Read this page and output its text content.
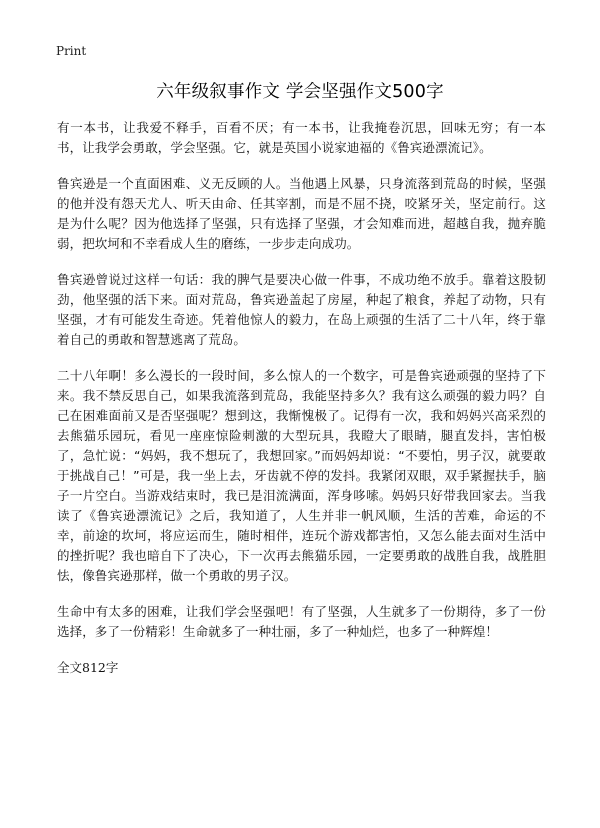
Print
六年级叙事作文 学会坚强作文500字

有一本书，让我爱不释手，百看不厌；有一本书，让我掩卷沉思，回味无穷；有一本书，让我学会勇敢，学会坚强。它，就是英国小说家迪福的《鲁宾逊漂流记》。

鲁宾逊是一个直面困难、义无反顾的人。当他遇上风暴，只身流落到荒岛的时候，坚强的他并没有怨天尤人、听天由命、任其宰割，而是不屈不挠，咬紧牙关，坚定前行。这是为什么呢？因为他选择了坚强，只有选择了坚强，才会知难而进，超越自我，抛弃脆弱，把坎坷和不幸看成人生的磨练，一步步走向成功。

鲁宾逊曾说过这样一句话：我的脾气是要决心做一件事，不成功绝不放手。靠着这股韧劲，他坚强的活下来。面对荒岛，鲁宾逊盖起了房屋，种起了粮食，养起了动物，只有坚强，才有可能发生奇迹。凭着他惊人的毅力，在岛上顽强的生活了二十八年，终于靠着自己的勇敢和智慧逃离了荒岛。

二十八年啊！多么漫长的一段时间，多么惊人的一个数字，可是鲁宾逊顽强的坚持了下来。我不禁反思自己，如果我流落到荒岛，我能坚持多久？我有这么顽强的毅力吗？自己在困难面前又是否坚强呢？想到这，我惭愧极了。记得有一次，我和妈妈兴高采烈的去熊猫乐园玩，看见一座座惊险刺激的大型玩具，我瞪大了眼睛，腿直发抖，害怕极了，急忙说：“妈妈，我不想玩了，我想回家。”而妈妈却说：“不要怕，男子汉，就要敢于挑战自己！”可是，我一坐上去，牙齿就不停的发抖。我紧闭双眼，双手紧握扶手，脑子一片空白。当游戏结束时，我已是泪流满面，浑身哆嗦。妈妈只好带我回家去。当我读了《鲁宾逊漂流记》之后，我知道了，人生并非一帆风顺，生活的苦难，命运的不幸，前途的坎坷，将应运而生，随时相伴，连玩个游戏都害怕，又怎么能去面对生活中的挫折呢？我也暗自下了决心，下一次再去熊猫乐园，一定要勇敢的战胜自我，战胜胆怯，像鲁宾逊那样，做一个勇敢的男子汉。

生命中有太多的困难，让我们学会坚强吧！有了坚强，人生就多了一份期待，多了一份选择，多了一份精彩！生命就多了一种壮丽，多了一种灿烂，也多了一种辉煌！

全文812字
